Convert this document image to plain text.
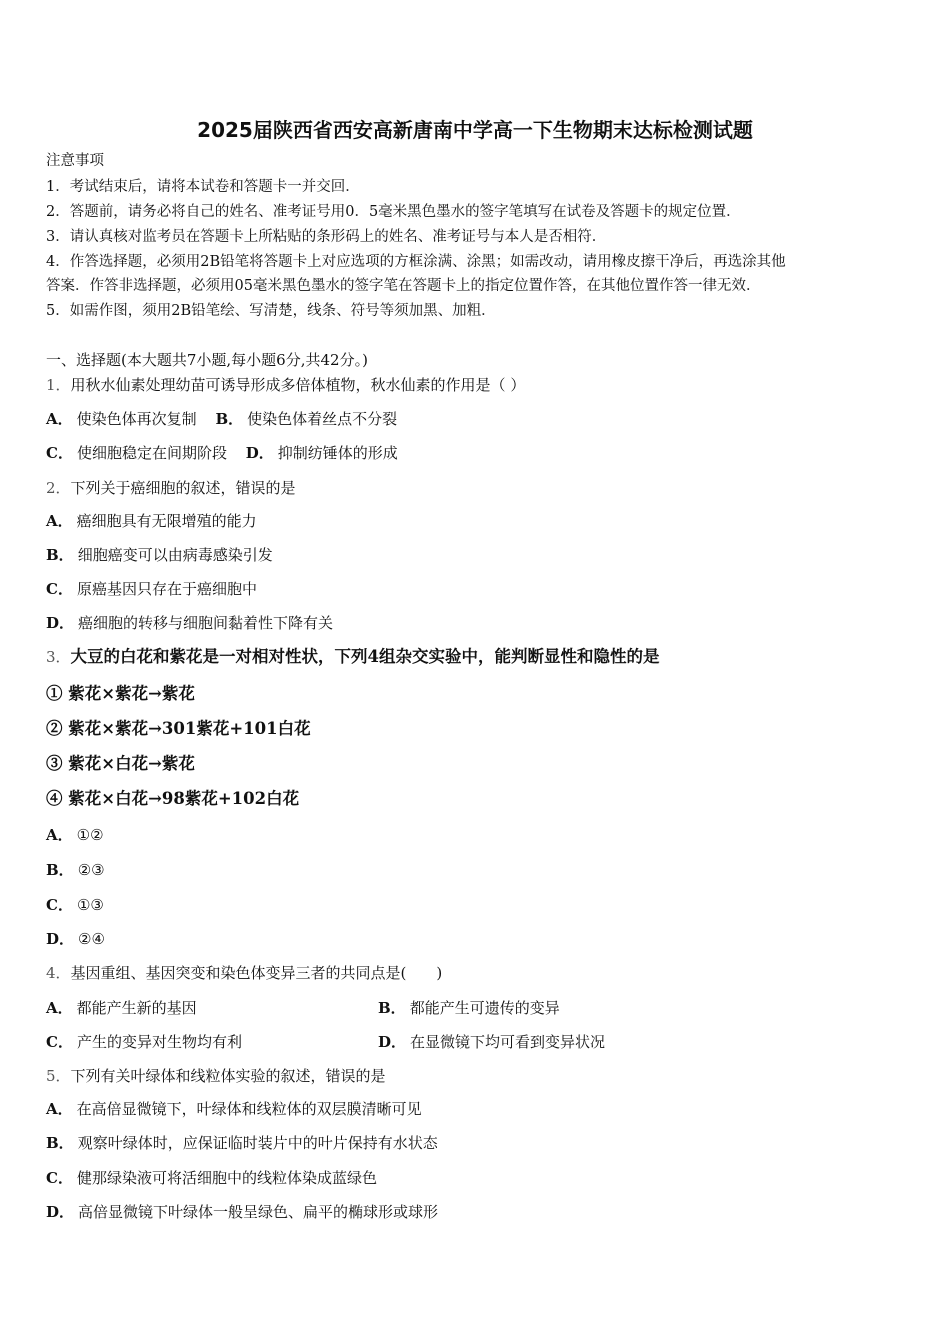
2025届陕西省西安高新唐南中学高一下生物期末达标检测试题
注意事项
1．考试结束后，请将本试卷和答题卡一并交回．
2．答题前，请务必将自己的姓名、准考证号用0．5毫米黑色墨水的签字笔填写在试卷及答题卡的规定位置．
3．请认真核对监考员在答题卡上所粘贴的条形码上的姓名、准考证号与本人是否相符．
4．作答选择题，必须用2B铅笔将答题卡上对应选项的方框涂满、涂黑；如需改动，请用橡皮擦干净后，再选涂其他
答案．作答非选择题，必须用05毫米黑色墨水的签字笔在答题卡上的指定位置作答，在其他位置作答一律无效．
5．如需作图，须用2B铅笔绘、写清楚，线条、符号等须加黑、加粗．
一、选择题(本大题共7小题,每小题6分,共42分。)
1．用秋水仙素处理幼苗可诱导形成多倍体植物，秋水仙素的作用是（ ）
A． 使染色体再次复制 B． 使染色体着丝点不分裂
C． 使细胞稳定在间期阶段 D． 抑制纺锤体的形成
2．下列关于癌细胞的叙述，错误的是
A． 癌细胞具有无限增殖的能力
B． 细胞癌变可以由病毒感染引发
C． 原癌基因只存在于癌细胞中
D． 癌细胞的转移与细胞间黏着性下降有关
3．大豆的白花和紫花是一对相对性状，下列4组杂交实验中，能判断显性和隐性的是
① 紫花×紫花→紫花
② 紫花×紫花→301紫花+101白花
③ 紫花×白花→紫花
④ 紫花×白花→98紫花+102白花
A． ①②
B． ②③
C． ①③
D． ②④
4．基因重组、基因突变和染色体变异三者的共同点是(　　)
A． 都能产生新的基因	B． 都能产生可遗传的变异
C． 产生的变异对生物均有利	D． 在显微镜下均可看到变异状况
5．下列有关叶绿体和线粒体实验的叙述，错误的是
A． 在高倍显微镜下，叶绿体和线粒体的双层膜清晰可见
B． 观察叶绿体时，应保证临时装片中的叶片保持有水状态
C． 健那绿染液可将活细胞中的线粒体染成蓝绿色
D． 高倍显微镜下叶绿体一般呈绿色、扁平的椭球形或球形
